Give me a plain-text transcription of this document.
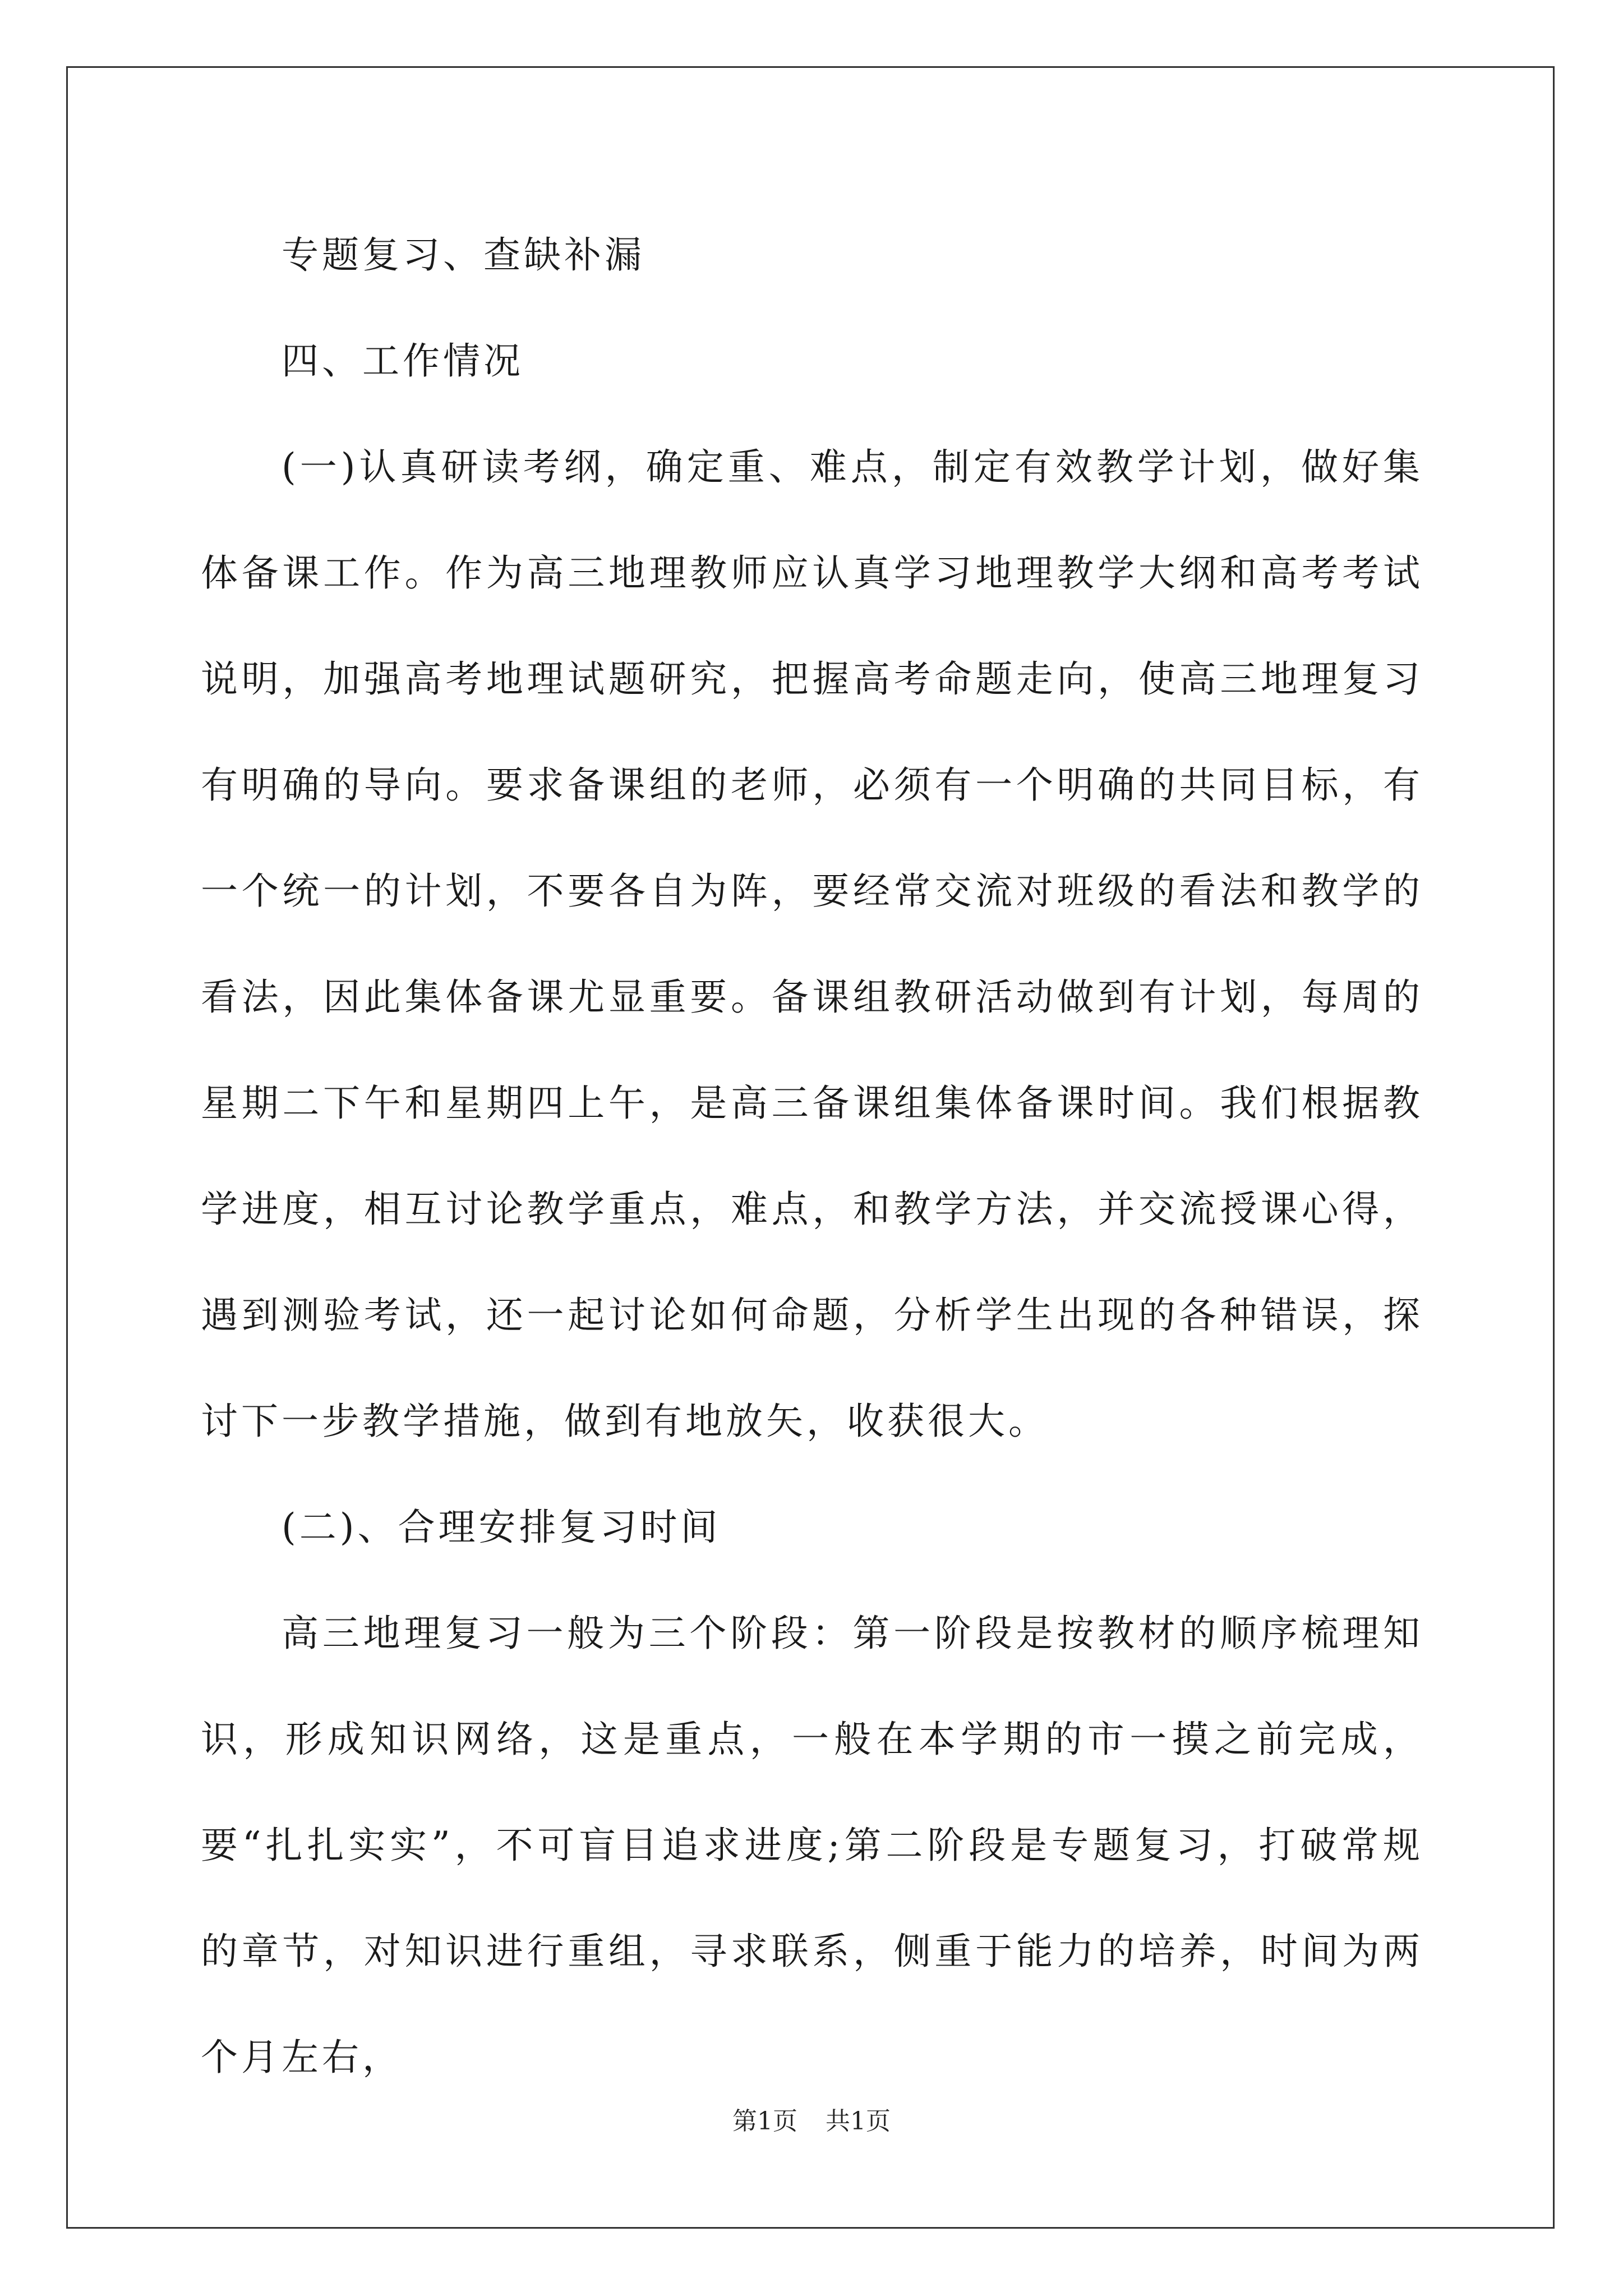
专题复习、查缺补漏

四、工作情况

(一)认真研读考纲，确定重、难点，制定有效教学计划，做好集体备课工作。作为高三地理教师应认真学习地理教学大纲和高考考试说明，加强高考地理试题研究，把握高考命题走向，使高三地理复习有明确的导向。要求备课组的老师，必须有一个明确的共同目标，有一个统一的计划，不要各自为阵，要经常交流对班级的看法和教学的看法，因此集体备课尤显重要。备课组教研活动做到有计划，每周的星期二下午和星期四上午，是高三备课组集体备课时间。我们根据教学进度，相互讨论教学重点，难点，和教学方法，并交流授课心得，遇到测验考试，还一起讨论如何命题，分析学生出现的各种错误，探讨下一步教学措施，做到有地放矢，收获很大。

(二)、合理安排复习时间

高三地理复习一般为三个阶段：第一阶段是按教材的顺序梳理知识，形成知识网络，这是重点，一般在本学期的市一摸之前完成，要“扎扎实实”，不可盲目追求进度;第二阶段是专题复习，打破常规的章节，对知识进行重组，寻求联系，侧重于能力的培养，时间为两个月左右，

第1页 共1页
